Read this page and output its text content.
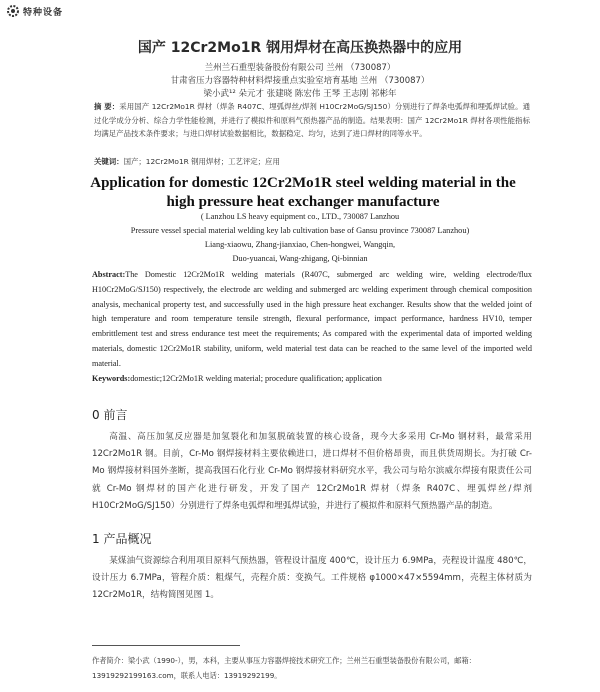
特种设备
国产 12Cr2Mo1R 钢用焊材在高压换热器中的应用
兰州兰石重型装备股份有限公司 兰州 （730087）
甘肃省压力容器特种材料焊接重点实验室培育基地 兰州 （730087）
梁小武¹² 朵元才 张建晓 陈宏伟 王琴 王志刚 祁彬年
摘 要：采用国产 12Cr2Mo1R 焊材（焊条 R407C、埋弧焊丝/焊剂 H10Cr2MoG/SJ150）分别进行了焊条电弧焊和埋弧焊试验。通过化学成分分析、综合力学性能检测，并进行了模拟件和原料气预热器产品的制造。结果表明：国产 12Cr2Mo1R 焊材各项性能指标均满足产品技术条件要求；与进口焊材试验数据相比，数据稳定、均匀，达到了进口焊材的同等水平。
关键词：国产；12Cr2Mo1R 钢用焊材；工艺评定；应用
Application for domestic 12Cr2Mo1R steel welding material in the high pressure heat exchanger manufacture
( Lanzhou LS heavy equipment co., LTD., 730087 Lanzhou
Pressure vessel special material welding key lab cultivation base of Gansu province 730087 Lanzhou)
Liang-xiaowu, Zhang-jianxiao, Chen-hongwei, Wangqin,
Duo-yuancai, Wang-zhigang, Qi-binnian
Abstract:The Domestic 12Cr2Mo1R welding materials (R407C, submerged arc welding wire, welding electrode/flux H10Cr2MoG/SJ150) respectively, the electrode arc welding and submerged arc welding experiment through chemical composition analysis, mechanical property test, and successfully used in the high pressure heat exchanger. Results show that the welded joint of high temperature and room temperature tensile strength, flexural performance, impact performance, hardness HV10, temper embrittlement test and stress endurance test meet the requirements; As compared with the experimental data of imported welding materials, domestic 12Cr2Mo1R stability, uniform, weld material test data can be reached to the same level of the imported weld material.
Keywords:domestic;12Cr2Mo1R welding material; procedure qualification; application
0 前言
高温、高压加氢反应器是加氢裂化和加氢脱硫装置的核心设备，现今大多采用 Cr-Mo 钢材料，最常采用 12Cr2Mo1R 钢。目前，Cr-Mo 钢焊接材料主要依赖进口，进口焊材不但价格昂贵，而且供货周期长。为打破 Cr-Mo 钢焊接材料国外垄断，提高我国石化行业 Cr-Mo 钢焊接材料研究水平，我公司与哈尔滨威尔焊接有限责任公司就 Cr-Mo 钢焊材的国产化进行研发，开发了国产 12Cr2Mo1R 焊材（焊条 R407C、埋弧焊丝/焊剂 H10Cr2MoG/SJ150）分别进行了焊条电弧焊和埋弧焊试验，并进行了模拟件和原料气预热器产品的制造。
1 产品概况
某煤油气资源综合利用项目原料气预热器，管程设计温度 400℃，设计压力 6.9MPa，壳程设计温度 480℃，设计压力 6.7MPa，管程介质：粗煤气，壳程介质：变换气。工件规格 φ1000×47×5594mm，壳程主体材质为 12Cr2Mo1R，结构简图见图 1。
作者简介：梁小武（1990-），男，本科，主要从事压力容器焊接技术研究工作；兰州兰石重型装备股份有限公司，邮箱：13919292199163.com，联系人电话：13919292199。
